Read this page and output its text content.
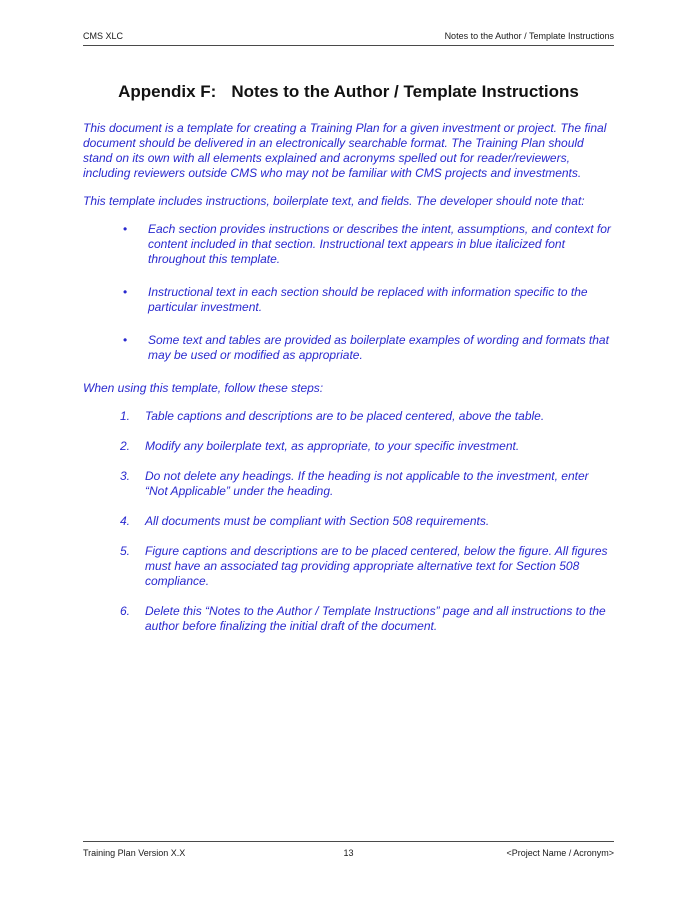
CMS XLC	Notes to the Author / Template Instructions
Appendix F: Notes to the Author / Template Instructions

This document is a template for creating a Training Plan for a given investment or project. The final document should be delivered in an electronically searchable format. The Training Plan should stand on its own with all elements explained and acronyms spelled out for reader/reviewers, including reviewers outside CMS who may not be familiar with CMS projects and investments.

This template includes instructions, boilerplate text, and fields. The developer should note that:

• Each section provides instructions or describes the intent, assumptions, and context for content included in that section. Instructional text appears in blue italicized font throughout this template.
• Instructional text in each section should be replaced with information specific to the particular investment.
• Some text and tables are provided as boilerplate examples of wording and formats that may be used or modified as appropriate.

When using this template, follow these steps:

1. Table captions and descriptions are to be placed centered, above the table.
2. Modify any boilerplate text, as appropriate, to your specific investment.
3. Do not delete any headings. If the heading is not applicable to the investment, enter “Not Applicable” under the heading.
4. All documents must be compliant with Section 508 requirements.
5. Figure captions and descriptions are to be placed centered, below the figure. All figures must have an associated tag providing appropriate alternative text for Section 508 compliance.
6. Delete this “Notes to the Author / Template Instructions” page and all instructions to the author before finalizing the initial draft of the document.
Training Plan Version X.X	13	<Project Name / Acronym>
